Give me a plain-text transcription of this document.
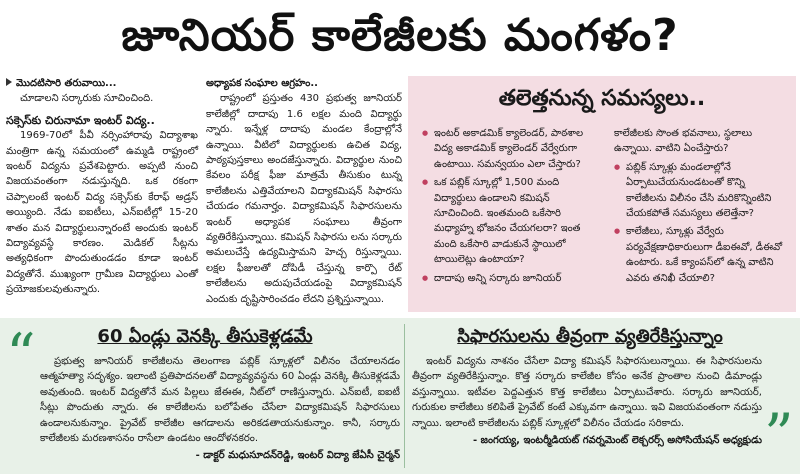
జూనియర్ కాలేజీలకు మంగళం?

మొదటిసారి తరువాయి...

చూడాలని సర్కారుకు సూచించింది.

సక్సెస్‌కు చిరునామా ఇంటర్ విద్య..

1969-70లో పీవీ నర్సింహారావు విద్యాశాఖ మంత్రిగా ఉన్న సమయంలో ఉమ్మడి రాష్ట్రంలో ఇంటర్ విద్యను ప్రవేశపెట్టారు. అప్పటి నుంచి విజయవంతంగా నడుస్తున్నది. ఒక రకంగా చెప్పాలంటే ఇంటర్ విద్య సక్సెస్‌కు కేరాఫ్ అడ్రస్ అయ్యింది. నేడు ఐఐటీలు, ఎన్ఐటీల్లో 15-20 శాతం మన విద్యార్థులున్నారంటే అందుకు ఇంటర్ విద్యావ్యవస్థే కారణం. మెడికల్ సీట్లను అత్యధికంగా పొందుతుండడం కూడా ఇంటర్ విద్యతోనే. ముఖ్యంగా గ్రామీణ విద్యార్థులు ఎంతో ప్రయోజకులవుతున్నారు.

అధ్యాపక సంఘాల ఆగ్రహం..

రాష్ట్రంలో ప్రస్తుతం 430 ప్రభుత్వ జూనియర్ కాలేజీల్లో దాదాపు 1.6 లక్షల మంది విద్యార్థు న్నారు. ఇన్నేళ్ల దాదాపు మండల కేంద్రాల్లోనే ఉన్నాయి. వీటిలో విద్యార్థులకు ఉచిత విద్య, పాఠ్యపుస్తకాలు అందజేస్తున్నారు. విద్యార్థుల నుంచి కేవలం పరీక్ష ఫీజు మాత్రమే తీసుకుం టున్న కాలేజీలను ఎత్తివేయాలని విద్యాకమిషన్ సిఫారసు చేయడం గమనార్హం. విద్యాకమిషన్ సిఫారసులను ఇంటర్ అధ్యాపక సంఘాలు తీవ్రంగా వ్యతిరేకిస్తున్నాయి. కమిషన్ సిఫారసు లను సర్కారు అమలుచేస్తే ఉద్యమిస్తామని హెచ్చ రిస్తున్నాయి. లక్షల ఫీజులతో దోపిడీ చేస్తున్న కార్పొ రేట్ కాలేజీలను అదుపుచేయడంపై విద్యాకమిషన్ ఎందుకు దృష్టిసారించడం లేదని ప్రశ్నిస్తున్నాయి.

తలెత్తనున్న సమస్యలు..
● ఇంటర్ అకాడమిక్ క్యాలెండర్, పాఠశాల విద్య అకాడమిక్ క్యాలెండర్ వేర్వేరుగా ఉంటాయి. సమన్వయం ఎలా చేస్తారు?
● ఒక పబ్లిక్ స్కూల్లో 1,500 మంది విద్యార్థులు ఉండాలని కమిషన్ సూచించింది. ఇంతమంది ఒకేసారి మధ్యాహ్న భోజనం చేయగలరా? ఇంత మంది ఒకేసారి వాడుకునే స్థాయిలో టాయిలెట్లు ఉంటాయా?
● దాదాపు అన్ని సర్కారు జూనియర్

కాలేజీలకు సొంత భవనాలు, స్థలాలు ఉన్నాయి. వాటిని ఏంచేస్తారు?

● పబ్లిక్ స్కూళ్లు మండలాల్లోనే ఏర్పాటుచేయనుండటంతో కొన్ని కాలేజీలను విలీనం చేసి మరికొన్నింటిని చేయకపోతే సమస్యలు తలెత్తేనా?
● కాలేజీలు, స్కూళ్లు వేర్వేరు పర్యవేక్షణాధికారులుగా డీఐఈవో, డీఈవో ఉంటారు. ఒకే క్యాంపస్‌లో ఉన్న వాటిని ఎవరు తనిఖీ చేయాలి?
“
”
60 ఏండ్లు వెనక్కి తీసుకెళ్లడమే

ప్రభుత్వ జూనియర్ కాలేజీలను తెలంగాణ పబ్లిక్ స్కూళ్లలో విలీనం చేయాలనడం ఆత్మహత్యా సదృశ్యం. ఇలాంటి ప్రతిపాదనలతో విద్యావ్యవస్థను 60 ఏండ్లు వెనక్కి తీసుకెళ్లడమే అవుతుంది. ఇంటర్ విద్యతోనే మన పిల్లలు జేఈఈ, నీట్‌లో రాణిస్తున్నారు. ఎన్ఐటీ, ఐఐటీ సీట్లు పొందుతు న్నారు. ఈ కాలేజీలను బలోపేతం చేసేలా విద్యాకమిషన్ సిఫారసులు ఉండాలనుకున్నాం. ప్రైవేట్ కాలేజీల ఆగడాలను అరికడతాయనుకున్నాం. కానీ, సర్కారు కాలేజీలకు మరణశాసనం రాసేలా ఉండటం ఆందోళనకరం.

- డాక్టర్ మధుసూదన్‌రెడ్డి, ఇంటర్ విద్యా జేఏసీ చైర్మన్

సిఫారసులను తీవ్రంగా వ్యతిరేకిస్తున్నాం

ఇంటర్ విద్యను నాశనం చేసేలా విద్యా కమిషన్ సిఫారసులున్నాయి. ఈ సిఫారసులను తీవ్రంగా వ్యతిరేకిస్తున్నాం. కొత్త సర్కారు కాలేజీల కోసం అనేక ప్రాంతాల నుంచి డిమాండ్లు వస్తున్నాయి. ఇటీవల పెద్దఎత్తున కొత్త కాలేజీలు ఏర్పాటుచేశారు. సర్కారు జూనియర్, గురుకుల కాలేజీలు కలిపితే ప్రైవేట్ కంటే ఎక్కువగా ఉన్నాయి. ఇవి విజయవంతంగా నడుస్తు న్నాయి. ఇలాంటి కాలేజీలను పబ్లిక్ స్కూళ్లలో విలీనం చేయడం సరికాదు.

- జంగయ్య, ఇంటర్మీడియట్ గవర్నమెంట్ లెక్చరర్స్ అసోసియేషన్ అధ్యక్షుడు
